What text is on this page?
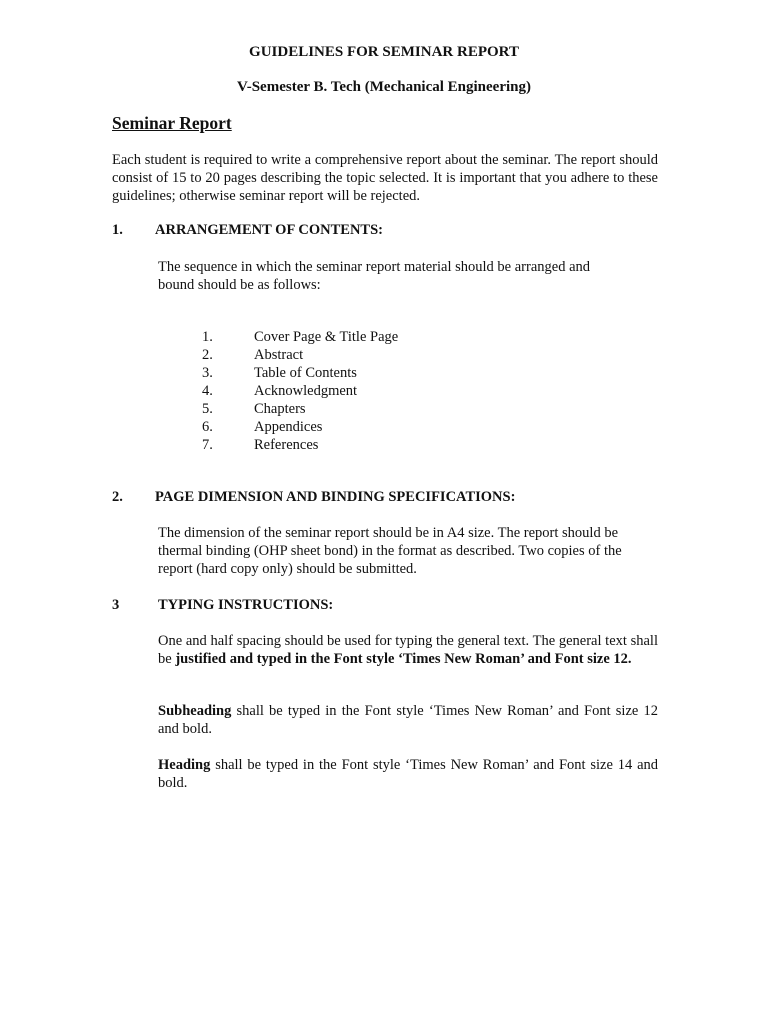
GUIDELINES FOR SEMINAR REPORT
V-Semester B. Tech (Mechanical Engineering)
Seminar Report
Each student is required to write a comprehensive report about the seminar. The report should consist of 15 to 20 pages describing the topic selected. It is important that you adhere to these guidelines; otherwise seminar report will be rejected.
1. ARRANGEMENT OF CONTENTS:
The sequence in which the seminar report material should be arranged and
bound should be as follows:
1.	Cover Page & Title Page
2.	Abstract
3.	Table of Contents
4.	Acknowledgment
5.	Chapters
6.	Appendices
7.	References
2. PAGE DIMENSION AND BINDING SPECIFICATIONS:
The dimension of the seminar report should be in A4 size. The report should be
thermal binding (OHP sheet bond) in the format as described. Two copies of the
report (hard copy only) should be submitted.
3	TYPING INSTRUCTIONS:
One and half spacing should be used for typing the general text. The general text shall be justified and typed in the Font style ‘Times New Roman’ and Font size 12.
Subheading shall be typed in the Font style ‘Times New Roman’ and Font size 12 and bold.
Heading shall be typed in the Font style ‘Times New Roman’ and Font size 14 and bold.
